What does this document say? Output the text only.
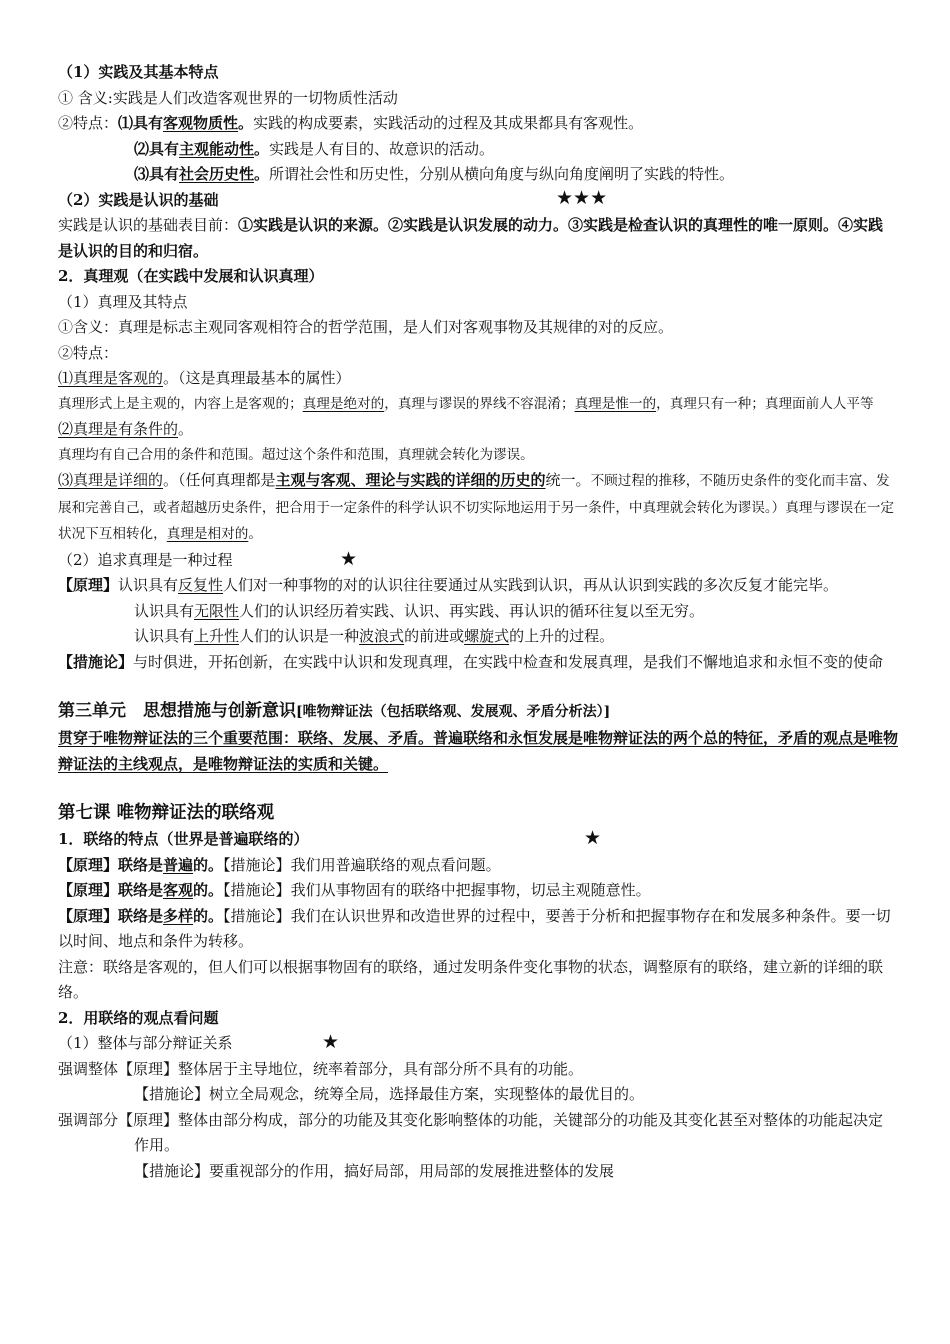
（1）实践及其基本特点
① 含义:实践是人们改造客观世界的一切物质性活动
②特点：⑴具有客观物质性。实践的构成要素，实践活动的过程及其成果都具有客观性。
⑵具有主观能动性。实践是人有目的、故意识的活动。
⑶具有社会历史性。所谓社会性和历史性，分别从横向角度与纵向角度阐明了实践的特性。
（2）实践是认识的基础	★★★
实践是认识的基础表目前：①实践是认识的来源。②实践是认识发展的动力。③实践是检查认识的真理性的唯一原则。④实践是认识的目的和归宿。
2．真理观（在实践中发展和认识真理）
（1）真理及其特点
①含义：真理是标志主观同客观相符合的哲学范围，是人们对客观事物及其规律的对的反应。
②特点：
⑴真理是客观的。（这是真理最基本的属性）
真理形式上是主观的，内容上是客观的；真理是绝对的，真理与谬误的界线不容混淆；真理是惟一的，真理只有一种；真理面前人人平等
⑵真理是有条件的。
真理均有自己合用的条件和范围。超过这个条件和范围，真理就会转化为谬误。
⑶真理是详细的。（任何真理都是主观与客观、理论与实践的详细的历史的统一。不顾过程的推移，不随历史条件的变化而丰富、发展和完善自己，或者超越历史条件，把合用于一定条件的科学认识不切实际地运用于另一条件，中真理就会转化为谬误。）真理与谬误在一定状况下互相转化，真理是相对的。
（2）追求真理是一种过程	★
【原理】认识具有反复性人们对一种事物的对的认识往往要通过从实践到认识，再从认识到实践的多次反复才能完毕。
认识具有无限性人们的认识经历着实践、认识、再实践、再认识的循环往复以至无穷。
认识具有上升性人们的认识是一种波浪式的前进或螺旋式的上升的过程。
【措施论】与时俱进，开拓创新，在实践中认识和发现真理，在实践中检查和发展真理，是我们不懈地追求和永恒不变的使命
第三单元　思想措施与创新意识[唯物辩证法（包括联络观、发展观、矛盾分析法）]
贯穿于唯物辩证法的三个重要范围：联络、发展、矛盾。普遍联络和永恒发展是唯物辩证法的两个总的特征，矛盾的观点是唯物辩证法的主线观点，是唯物辩证法的实质和关键。
第七课 唯物辩证法的联络观
1．联络的特点（世界是普遍联络的）	★
【原理】联络是普遍的。【措施论】我们用普遍联络的观点看问题。
【原理】联络是客观的。【措施论】我们从事物固有的联络中把握事物，切忌主观随意性。
【原理】联络是多样的。【措施论】我们在认识世界和改造世界的过程中，要善于分析和把握事物存在和发展多种条件。要一切以时间、地点和条件为转移。
注意：联络是客观的，但人们可以根据事物固有的联络，通过发明条件变化事物的状态，调整原有的联络，建立新的详细的联络。
2．用联络的观点看问题
（1）整体与部分辩证关系	★
强调整体【原理】整体居于主导地位，统率着部分，具有部分所不具有的功能。
【措施论】树立全局观念，统筹全局，选择最佳方案，实现整体的最优目的。
强调部分【原理】整体由部分构成，部分的功能及其变化影响整体的功能，关键部分的功能及其变化甚至对整体的功能起决定作用。
【措施论】要重视部分的作用，搞好局部，用局部的发展推进整体的发展
